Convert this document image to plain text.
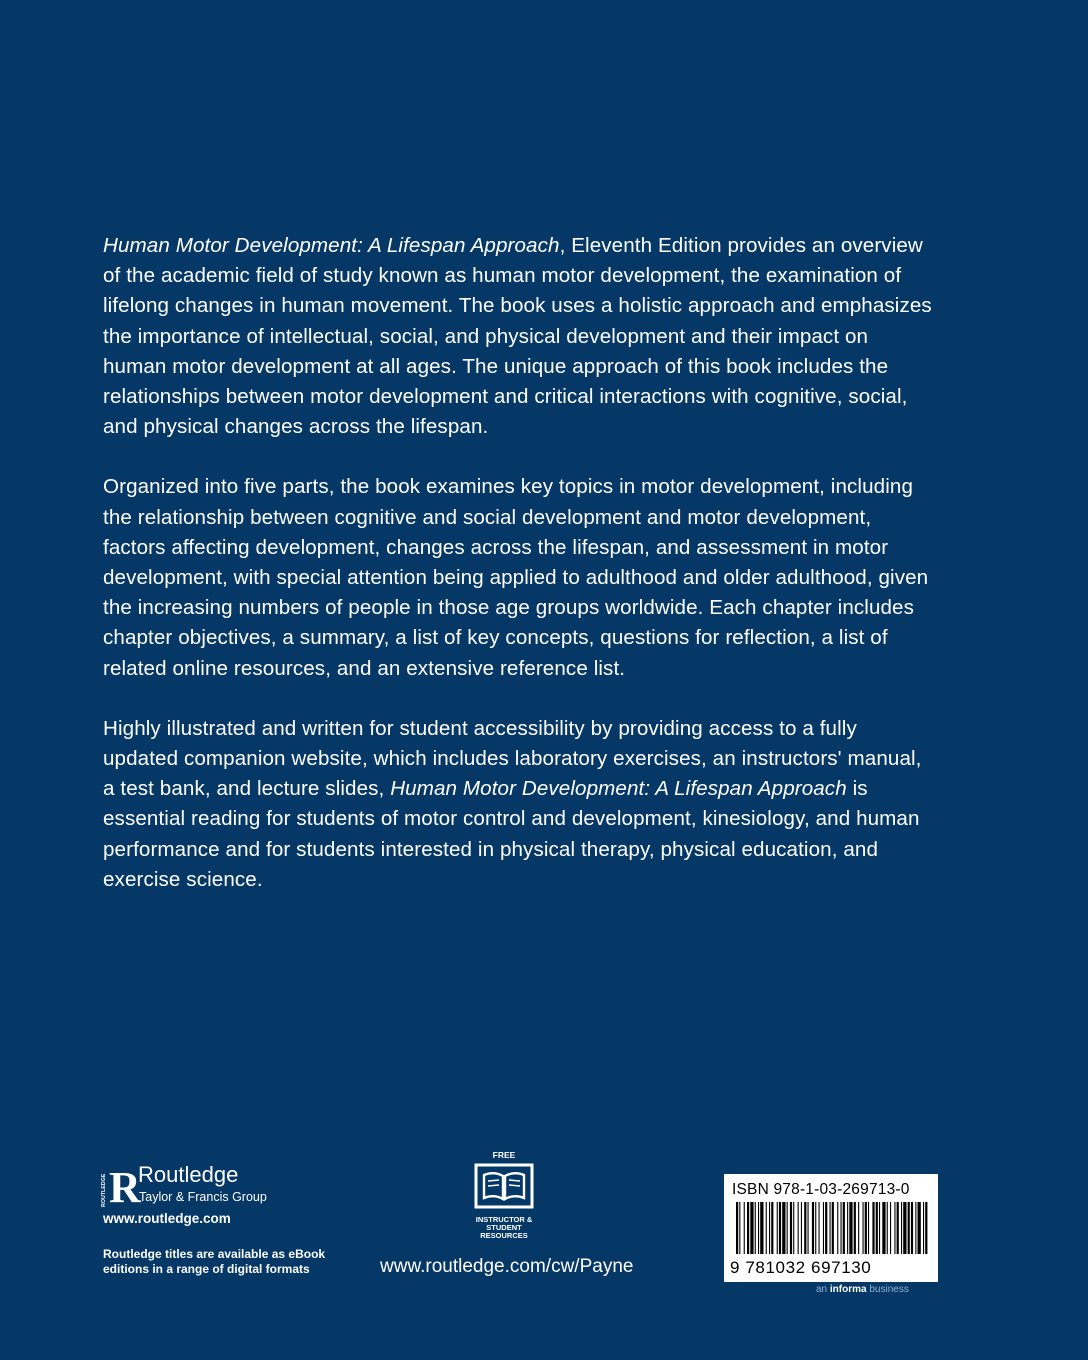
Human Motor Development: A Lifespan Approach, Eleventh Edition provides an overview of the academic field of study known as human motor development, the examination of lifelong changes in human movement. The book uses a holistic approach and emphasizes the importance of intellectual, social, and physical development and their impact on human motor development at all ages. The unique approach of this book includes the relationships between motor development and critical interactions with cognitive, social, and physical changes across the lifespan.

Organized into five parts, the book examines key topics in motor development, including the relationship between cognitive and social development and motor development, factors affecting development, changes across the lifespan, and assessment in motor development, with special attention being applied to adulthood and older adulthood, given the increasing numbers of people in those age groups worldwide. Each chapter includes chapter objectives, a summary, a list of key concepts, questions for reflection, a list of related online resources, and an extensive reference list.

Highly illustrated and written for student accessibility by providing access to a fully updated companion website, which includes laboratory exercises, an instructors' manual, a test bank, and lecture slides, Human Motor Development: A Lifespan Approach is essential reading for students of motor control and development, kinesiology, and human performance and for students interested in physical therapy, physical education, and exercise science.

ROUTLEDGE R
Routledge
Taylor & Francis Group
www.routledge.com
Routledge titles are available as eBook editions in a range of digital formats
FREE
INSTRUCTOR & STUDENT RESOURCES
www.routledge.com/cw/Payne
ISBN 978-1-03-269713-0
9 781032 697130
an informa business
